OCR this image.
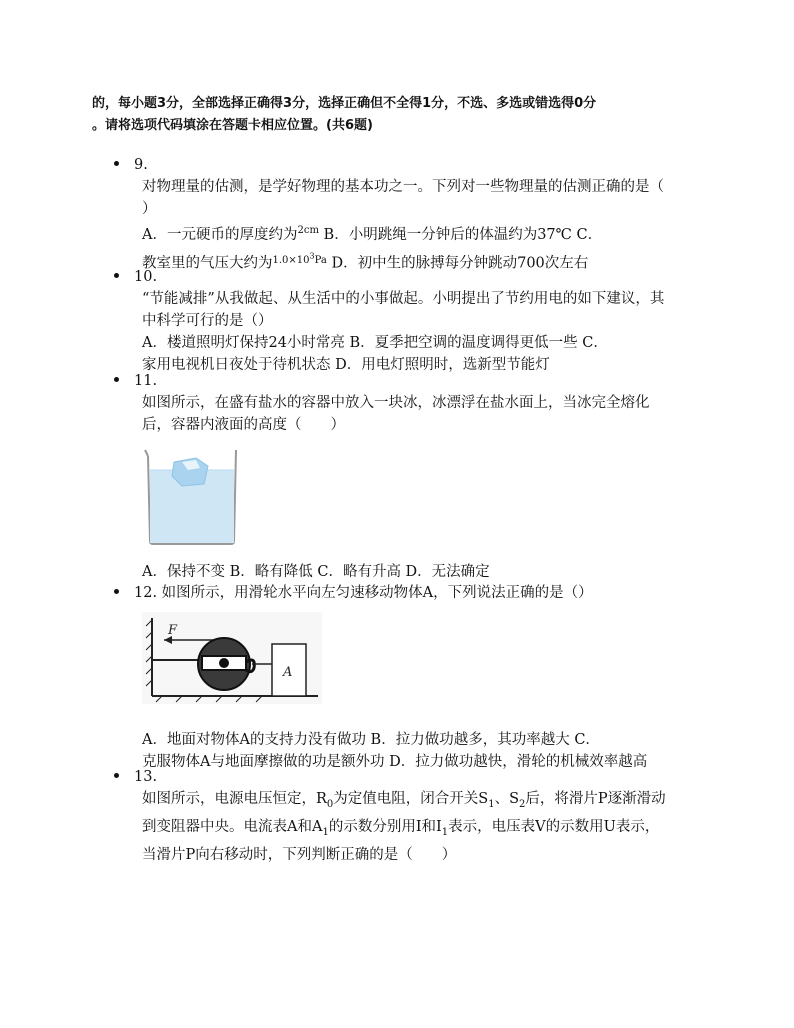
的，每小题3分，全部选择正确得3分，选择正确但不全得1分，不选、多选或错选得0分
。请将选项代码填涂在答题卡相应位置。(共6题)
9.
对物理量的估测，是学好物理的基本功之一。下列对一些物理量的估测正确的是（
）
A．一元硬币的厚度约为$^{2cm}$ B．小明跳绳一分钟后的体温约为37℃ C．
教室里的气压大约为$^{1.0\times 10^3Pa}$ D．初中生的脉搏每分钟跳动700次左右
10.
“节能减排”从我做起、从生活中的小事做起。小明提出了节约用电的如下建议，其
中科学可行的是（）
A．楼道照明灯保持24小时常亮 B．夏季把空调的温度调得更低一些 C．
家用电视机日夜处于待机状态 D．用电灯照明时，选新型节能灯
11.
如图所示，在盛有盐水的容器中放入一块冰，冰漂浮在盐水面上，当冰完全熔化
后，容器内液面的高度（　　）
A．保持不变 B．略有降低 C．略有升高 D．无法确定
12. 如图所示，用滑轮水平向左匀速移动物体A，下列说法正确的是（）
F
A
A．地面对物体A的支持力没有做功 B．拉力做功越多，其功率越大 C．
克服物体A与地面摩擦做的功是额外功 D．拉力做功越快，滑轮的机械效率越高
13.
如图所示，电源电压恒定，$R_0$为定值电阻，闭合开关$S_1$、$S_2$后，将滑片P逐渐滑动
到变阻器中央。电流表A和$A_1$的示数分别用I和$I_1$表示，电压表V的示数用U表示，
当滑片P向右移动时，下列判断正确的是（　　）
